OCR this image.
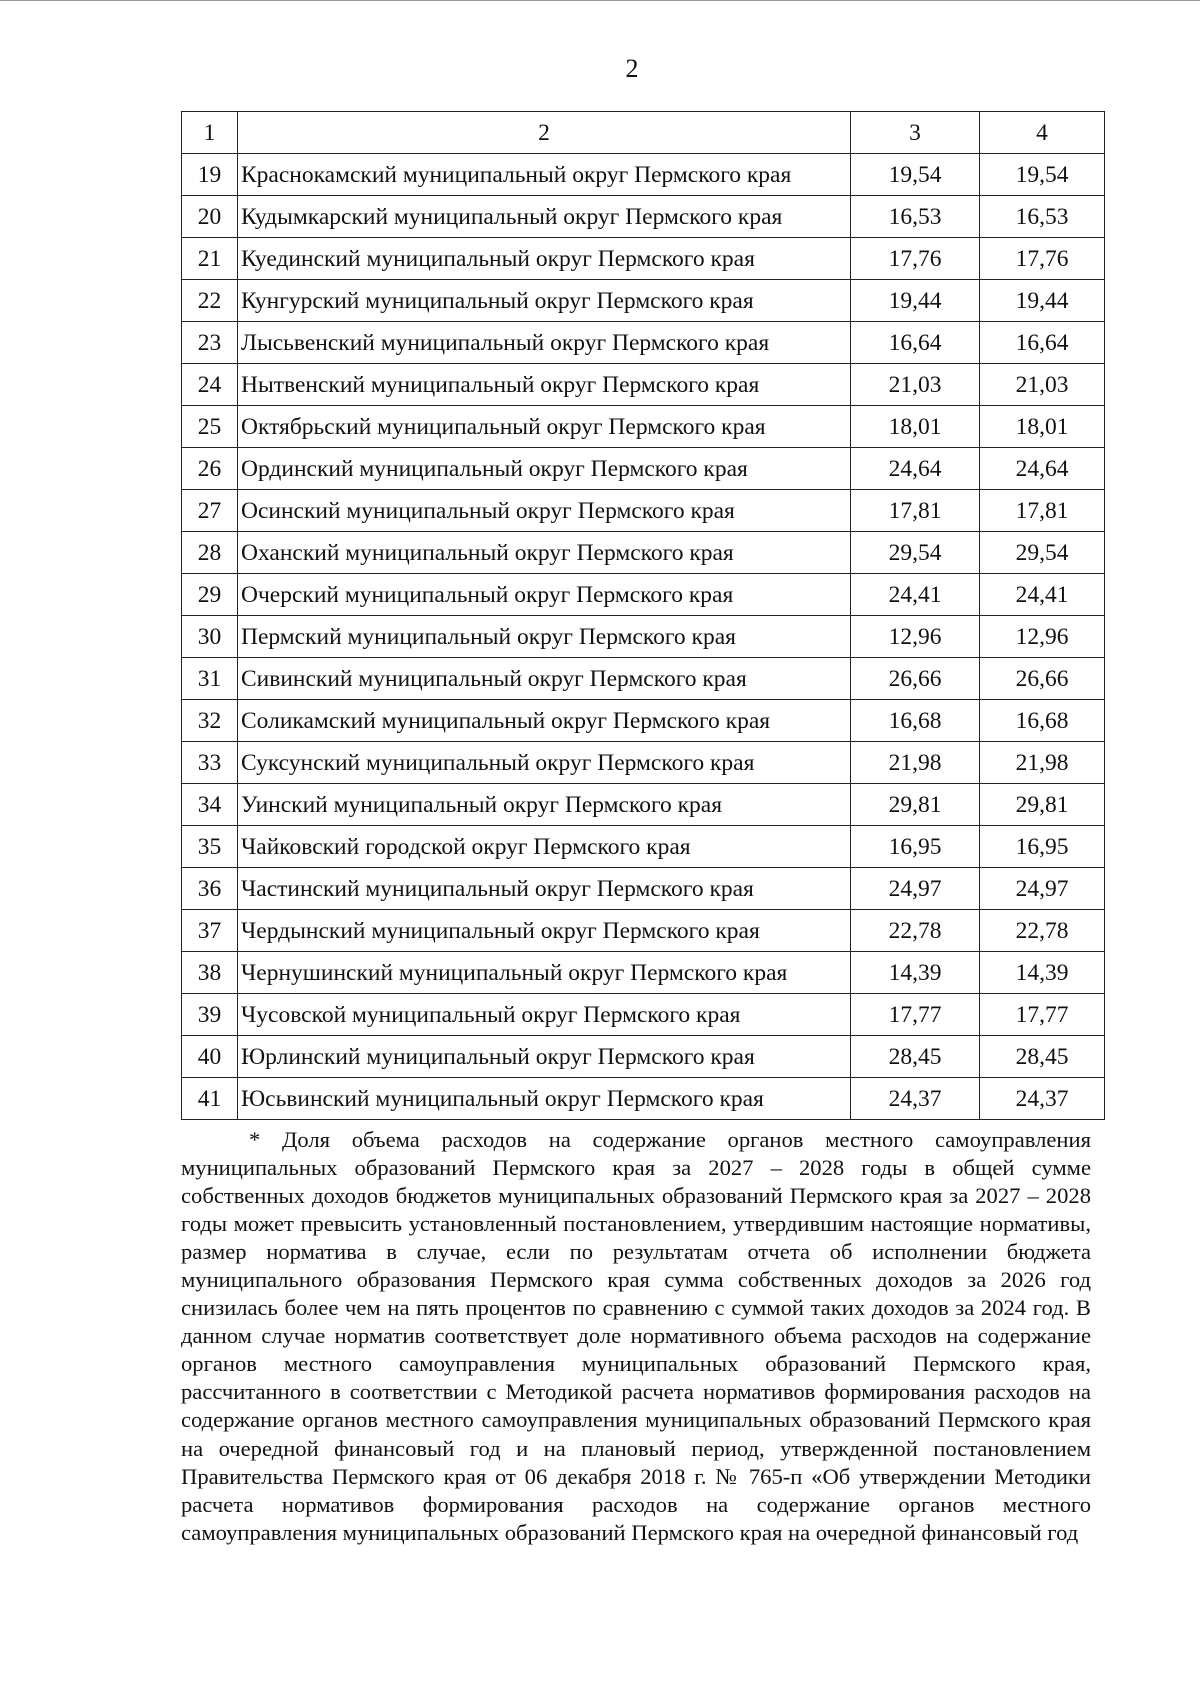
2
1	2	3	4
19	Краснокамский муниципальный округ Пермского края	19,54	19,54
20	Кудымкарский муниципальный округ Пермского края	16,53	16,53
21	Куединский муниципальный округ Пермского края	17,76	17,76
22	Кунгурский муниципальный округ Пермского края	19,44	19,44
23	Лысьвенский муниципальный округ Пермского края	16,64	16,64
24	Нытвенский муниципальный округ Пермского края	21,03	21,03
25	Октябрьский муниципальный округ Пермского края	18,01	18,01
26	Ординский муниципальный округ Пермского края	24,64	24,64
27	Осинский муниципальный округ Пермского края	17,81	17,81
28	Оханский муниципальный округ Пермского края	29,54	29,54
29	Очерский муниципальный округ Пермского края	24,41	24,41
30	Пермский муниципальный округ Пермского края	12,96	12,96
31	Сивинский муниципальный округ Пермского края	26,66	26,66
32	Соликамский муниципальный округ Пермского края	16,68	16,68
33	Суксунский муниципальный округ Пермского края	21,98	21,98
34	Уинский муниципальный округ Пермского края	29,81	29,81
35	Чайковский городской округ Пермского края	16,95	16,95
36	Частинский муниципальный округ Пермского края	24,97	24,97
37	Чердынский муниципальный округ Пермского края	22,78	22,78
38	Чернушинский муниципальный округ Пермского края	14,39	14,39
39	Чусовской муниципальный округ Пермского края	17,77	17,77
40	Юрлинский муниципальный округ Пермского края	28,45	28,45
41	Юсьвинский муниципальный округ Пермского края	24,37	24,37

* Доля объема расходов на содержание органов местного самоуправления муниципальных образований Пермского края за 2027 – 2028 годы в общей сумме собственных доходов бюджетов муниципальных образований Пермского края за 2027 – 2028 годы может превысить установленный постановлением, утвердившим настоящие нормативы, размер норматива в случае, если по результатам отчета об исполнении бюджета муниципального образования Пермского края сумма собственных доходов за 2026 год снизилась более чем на пять процентов по сравнению с суммой таких доходов за 2024 год. В данном случае норматив соответствует доле нормативного объема расходов на содержание органов местного самоуправления муниципальных образований Пермского края, рассчитанного в соответствии с Методикой расчета нормативов формирования расходов на содержание органов местного самоуправления муниципальных образований Пермского края на очередной финансовый год и на плановый период, утвержденной постановлением Правительства Пермского края от 06 декабря 2018 г. № 765-п «Об утверждении Методики расчета нормативов формирования расходов на содержание органов местного самоуправления муниципальных образований Пермского края на очередной финансовый год
